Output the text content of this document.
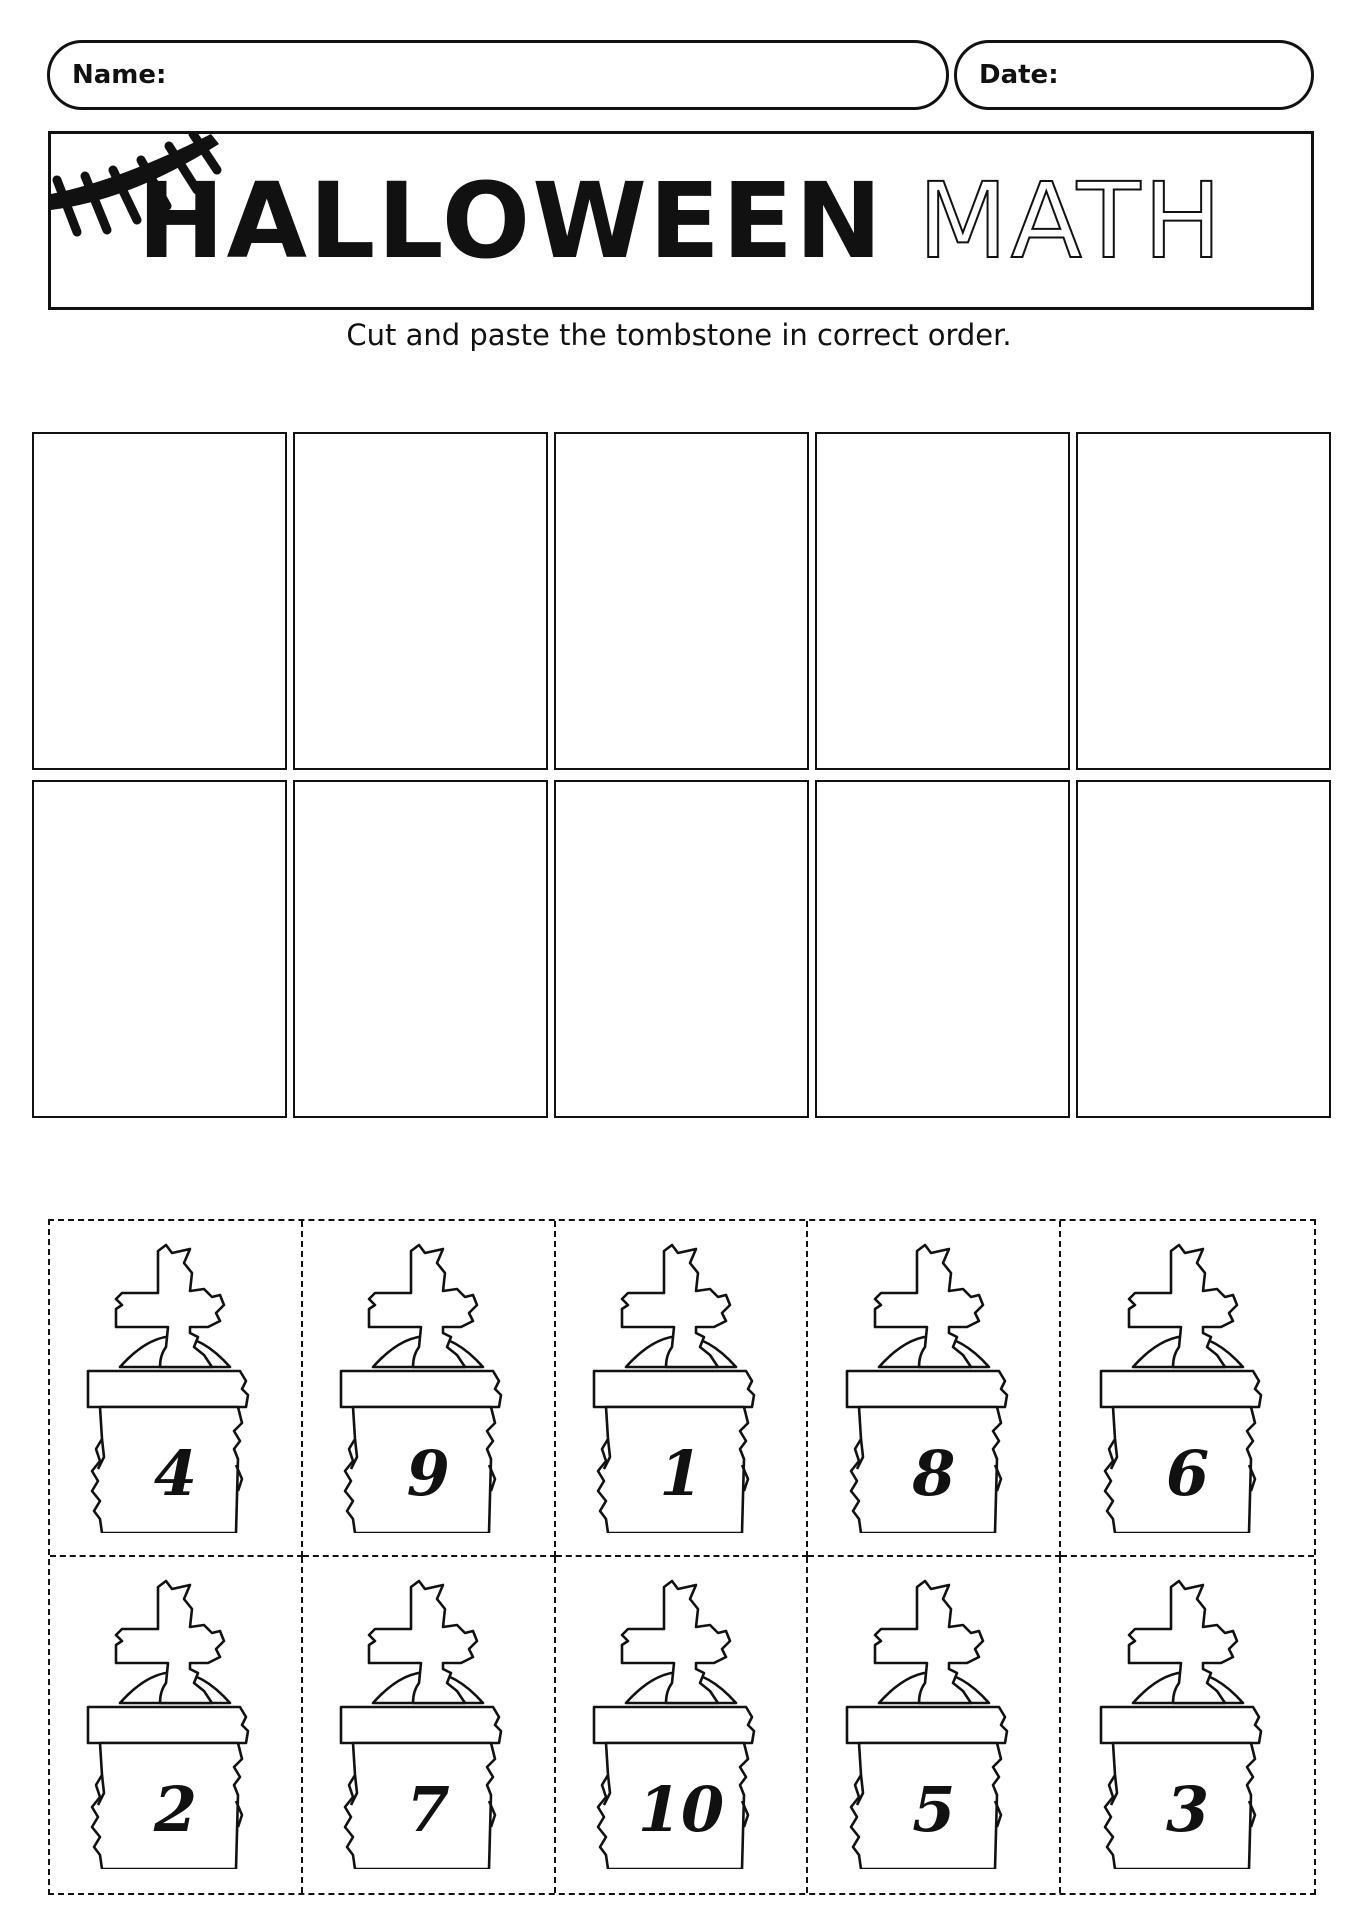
Name:	Date:
HALLOWEEN MATH
Cut and paste the tombstone in correct order.
4	9	1	8	6
2	7	10	5	3
